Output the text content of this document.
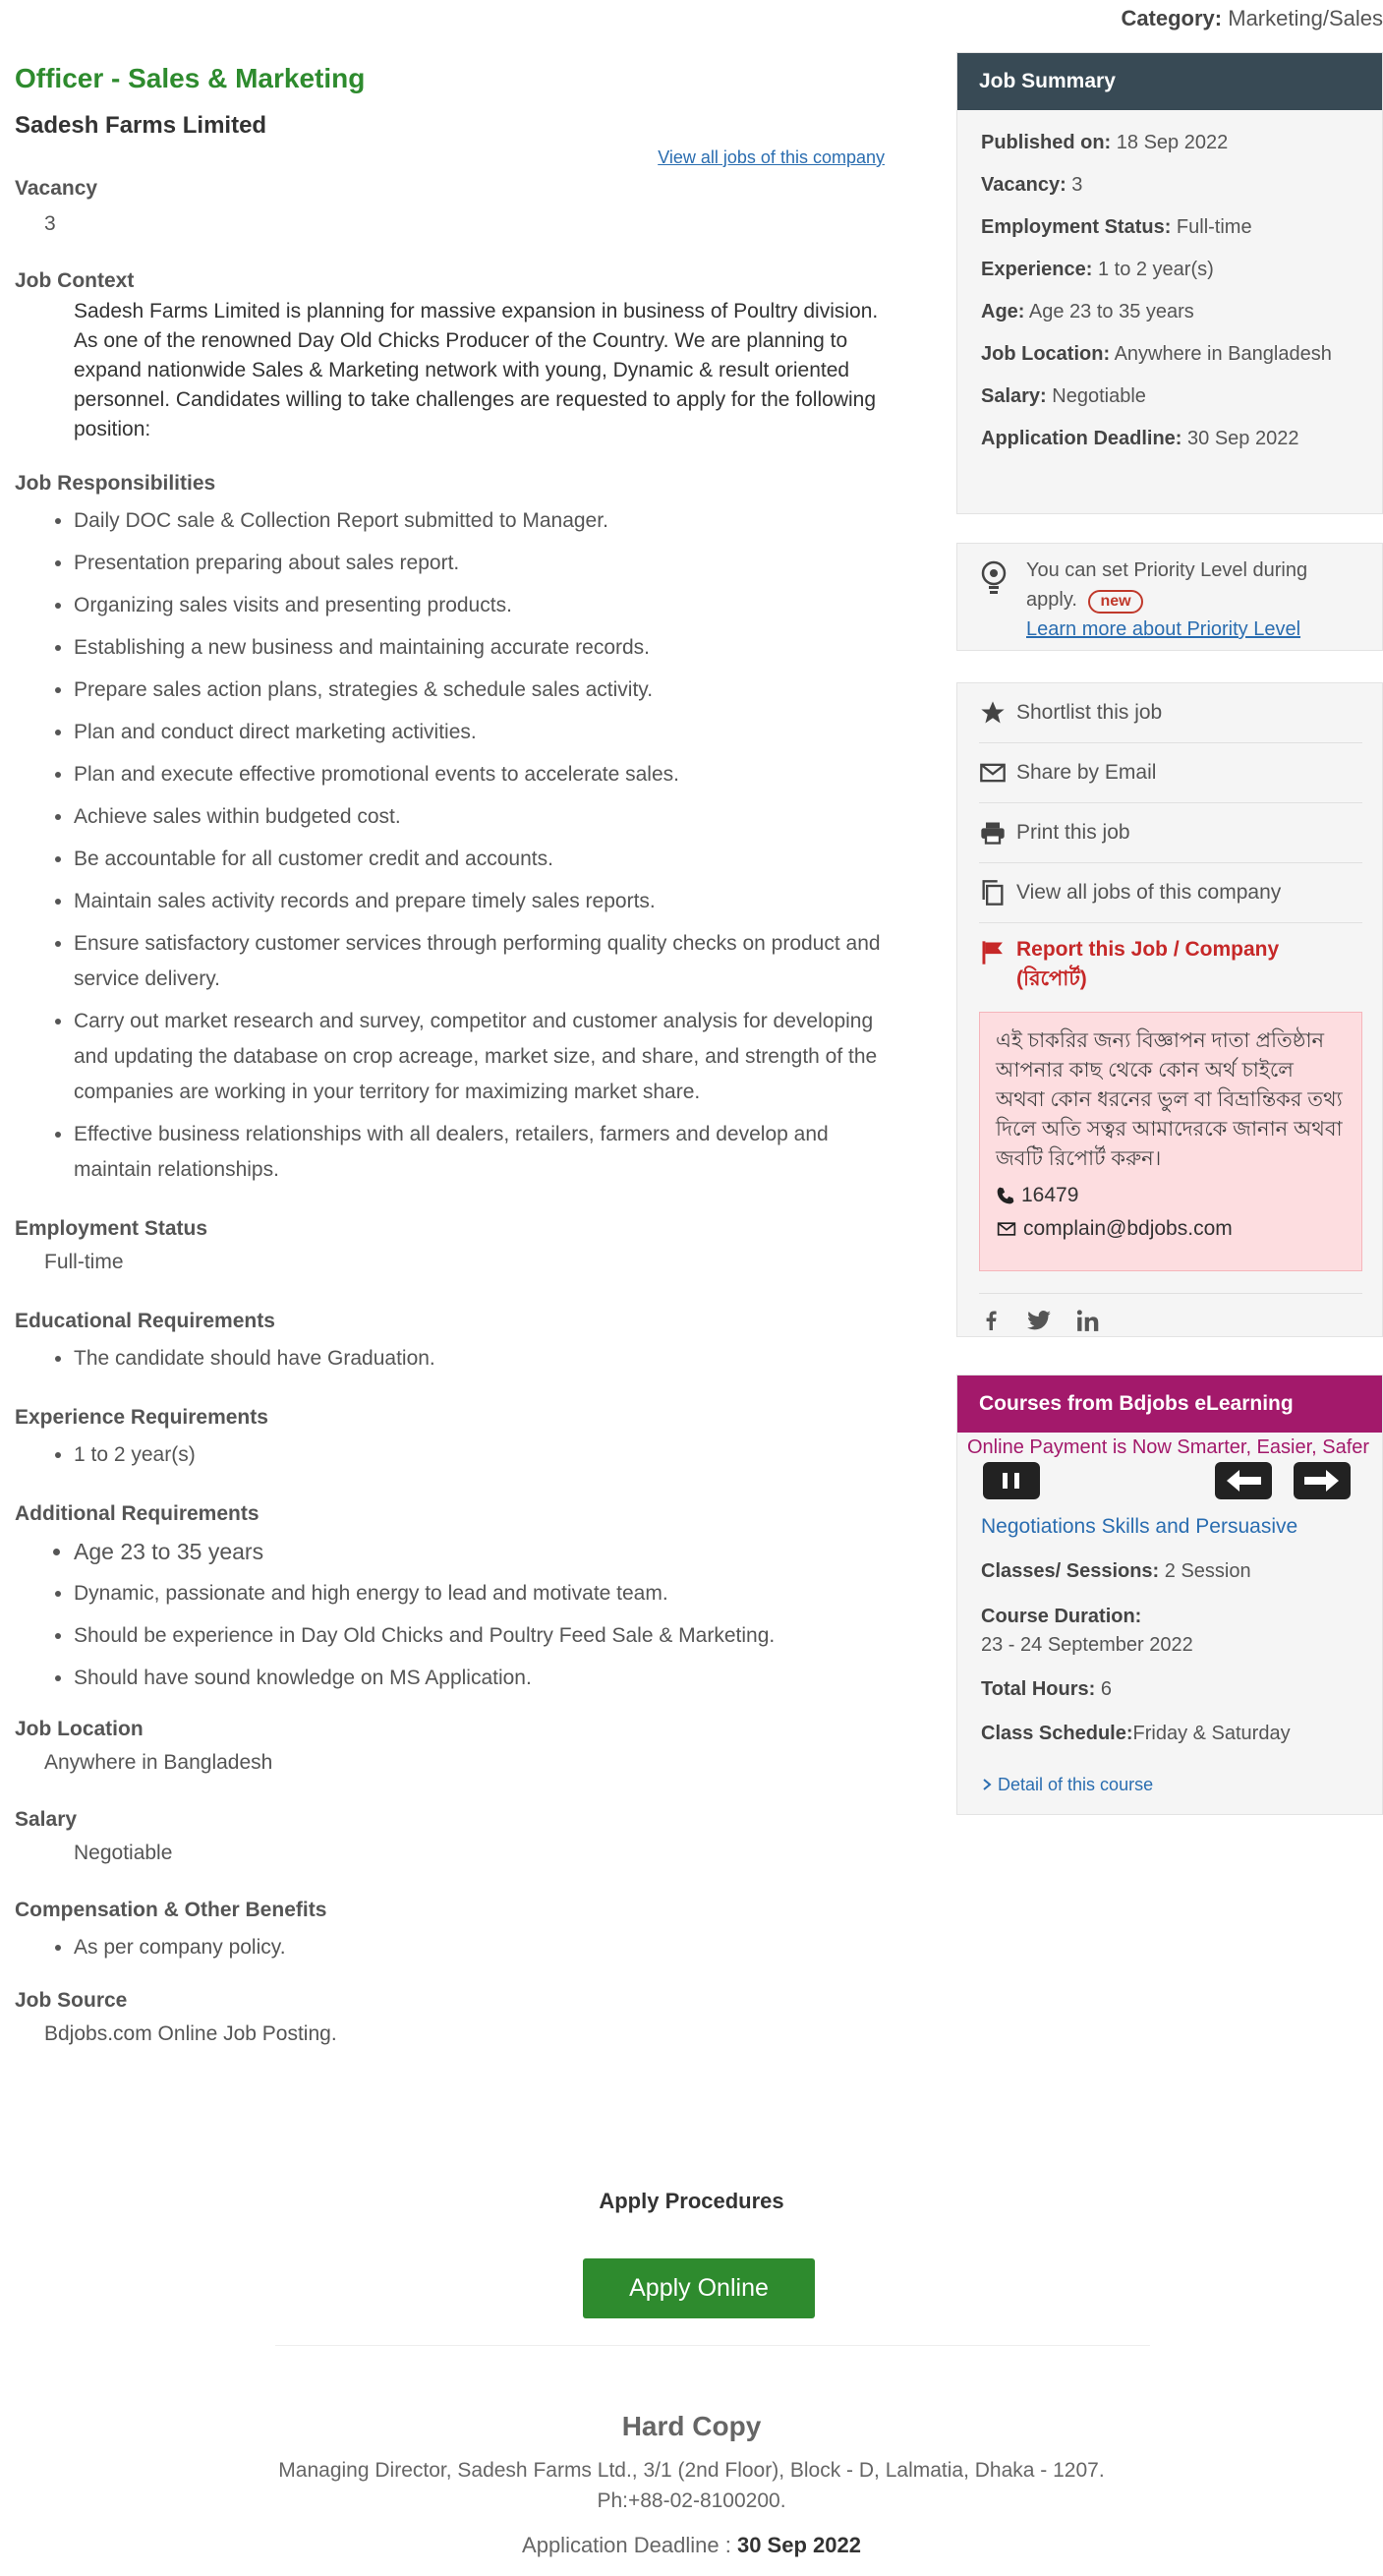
Category: Marketing/Sales
Officer - Sales & Marketing
Sadesh Farms Limited
View all jobs of this company
Vacancy
3
Job Context
Sadesh Farms Limited is planning for massive expansion in business of Poultry division. As one of the renowned Day Old Chicks Producer of the Country. We are planning to expand nationwide Sales & Marketing network with young, Dynamic & result oriented personnel. Candidates willing to take challenges are requested to apply for the following position:
Job Responsibilities
• Daily DOC sale & Collection Report submitted to Manager.
• Presentation preparing about sales report.
• Organizing sales visits and presenting products.
• Establishing a new business and maintaining accurate records.
• Prepare sales action plans, strategies & schedule sales activity.
• Plan and conduct direct marketing activities.
• Plan and execute effective promotional events to accelerate sales.
• Achieve sales within budgeted cost.
• Be accountable for all customer credit and accounts.
• Maintain sales activity records and prepare timely sales reports.
• Ensure satisfactory customer services through performing quality checks on product and service delivery.
• Carry out market research and survey, competitor and customer analysis for developing and updating the database on crop acreage, market size, and share, and strength of the companies are working in your territory for maximizing market share.
• Effective business relationships with all dealers, retailers, farmers and develop and maintain relationships.
Employment Status
Full-time
Educational Requirements
• The candidate should have Graduation.
Experience Requirements
• 1 to 2 year(s)
Additional Requirements
• Age 23 to 35 years
• Dynamic, passionate and high energy to lead and motivate team.
• Should be experience in Day Old Chicks and Poultry Feed Sale & Marketing.
• Should have sound knowledge on MS Application.
Job Location
Anywhere in Bangladesh
Salary
Negotiable
Compensation & Other Benefits
• As per company policy.
Job Source
Bdjobs.com Online Job Posting.
Apply Procedures
Apply Online
Hard Copy
Managing Director, Sadesh Farms Ltd., 3/1 (2nd Floor), Block - D, Lalmatia, Dhaka - 1207.
Ph:+88-02-8100200.
Application Deadline : 30 Sep 2022
Job Summary
Published on: 18 Sep 2022
Vacancy: 3
Employment Status: Full-time
Experience: 1 to 2 year(s)
Age: Age 23 to 35 years
Job Location: Anywhere in Bangladesh
Salary: Negotiable
Application Deadline: 30 Sep 2022
You can set Priority Level during apply. new
Learn more about Priority Level
Shortlist this job
Share by Email
Print this job
View all jobs of this company
Report this Job / Company (রিপোর্ট)
এই চাকরির জন্য বিজ্ঞাপন দাতা প্রতিষ্ঠান আপনার কাছ থেকে কোন অর্থ চাইলে অথবা কোন ধরনের ভুল বা বিভ্রান্তিকর তথ্য দিলে অতি সত্বর আমাদেরকে জানান অথবা জবটি রিপোর্ট করুন।
16479
complain@bdjobs.com
Courses from Bdjobs eLearning
Online Payment is Now Smarter, Easier, Safer
Negotiations Skills and Persuasive
Classes/ Sessions: 2 Session
Course Duration:
23 - 24 September 2022
Total Hours: 6
Class Schedule:Friday & Saturday
Detail of this course
